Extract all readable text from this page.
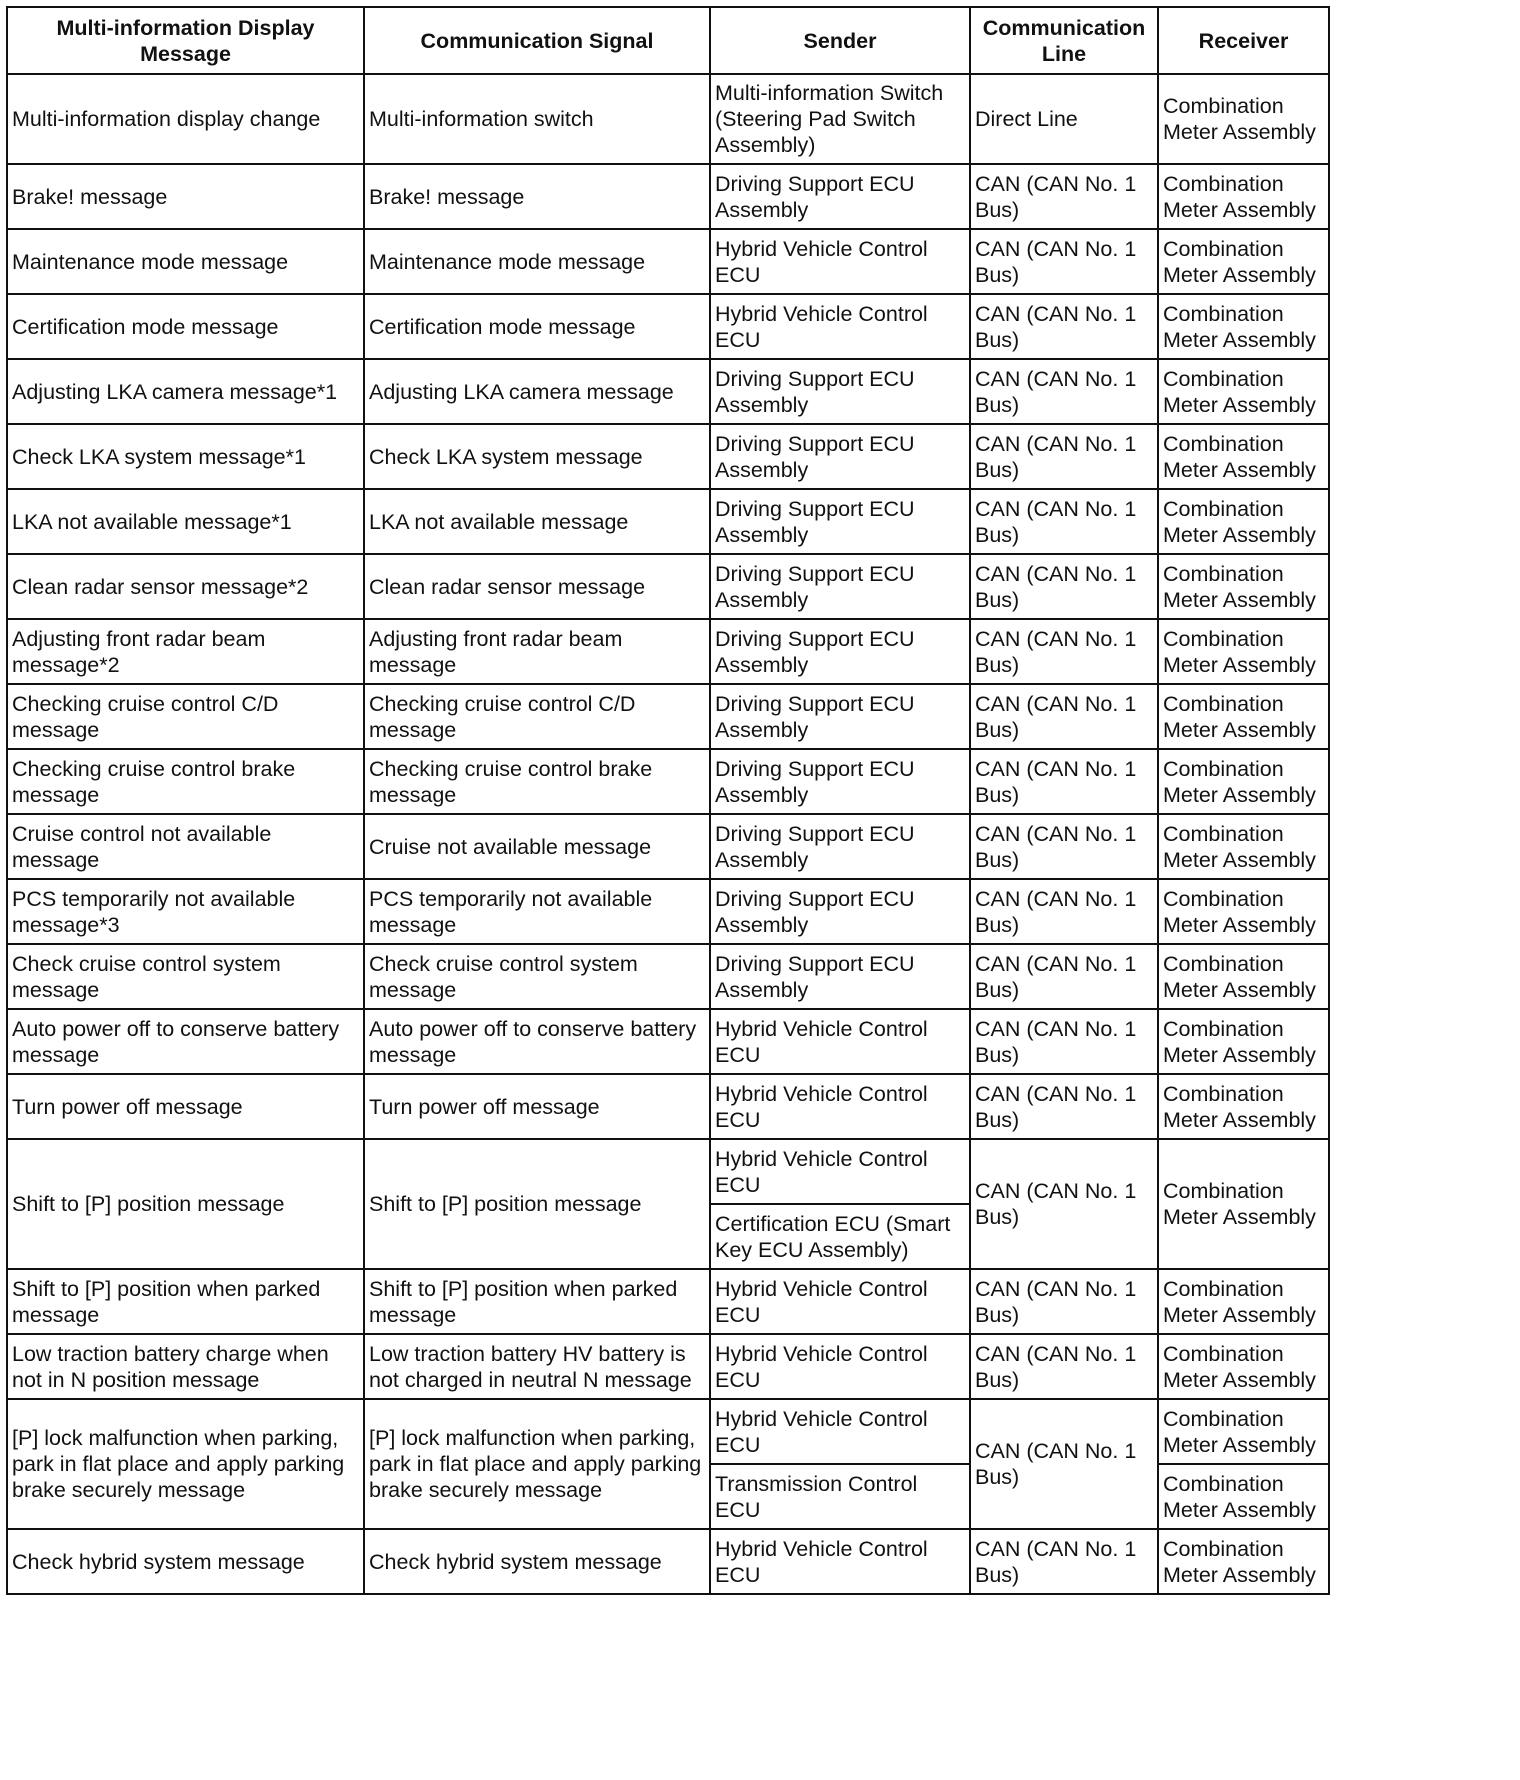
Multi-information Display Message	Communication Signal	Sender	Communication Line	Receiver
Multi-information display change	Multi-information switch	Multi-information Switch (Steering Pad Switch Assembly)	Direct Line	Combination Meter Assembly
Brake! message	Brake! message	Driving Support ECU Assembly	CAN (CAN No. 1 Bus)	Combination Meter Assembly
Maintenance mode message	Maintenance mode message	Hybrid Vehicle Control ECU	CAN (CAN No. 1 Bus)	Combination Meter Assembly
Certification mode message	Certification mode message	Hybrid Vehicle Control ECU	CAN (CAN No. 1 Bus)	Combination Meter Assembly
Adjusting LKA camera message*1	Adjusting LKA camera message	Driving Support ECU Assembly	CAN (CAN No. 1 Bus)	Combination Meter Assembly
Check LKA system message*1	Check LKA system message	Driving Support ECU Assembly	CAN (CAN No. 1 Bus)	Combination Meter Assembly
LKA not available message*1	LKA not available message	Driving Support ECU Assembly	CAN (CAN No. 1 Bus)	Combination Meter Assembly
Clean radar sensor message*2	Clean radar sensor message	Driving Support ECU Assembly	CAN (CAN No. 1 Bus)	Combination Meter Assembly
Adjusting front radar beam message*2	Adjusting front radar beam message	Driving Support ECU Assembly	CAN (CAN No. 1 Bus)	Combination Meter Assembly
Checking cruise control C/D message	Checking cruise control C/D message	Driving Support ECU Assembly	CAN (CAN No. 1 Bus)	Combination Meter Assembly
Checking cruise control brake message	Checking cruise control brake message	Driving Support ECU Assembly	CAN (CAN No. 1 Bus)	Combination Meter Assembly
Cruise control not available message	Cruise not available message	Driving Support ECU Assembly	CAN (CAN No. 1 Bus)	Combination Meter Assembly
PCS temporarily not available message*3	PCS temporarily not available message	Driving Support ECU Assembly	CAN (CAN No. 1 Bus)	Combination Meter Assembly
Check cruise control system message	Check cruise control system message	Driving Support ECU Assembly	CAN (CAN No. 1 Bus)	Combination Meter Assembly
Auto power off to conserve battery message	Auto power off to conserve battery message	Hybrid Vehicle Control ECU	CAN (CAN No. 1 Bus)	Combination Meter Assembly
Turn power off message	Turn power off message	Hybrid Vehicle Control ECU	CAN (CAN No. 1 Bus)	Combination Meter Assembly
Shift to [P] position message	Shift to [P] position message	Hybrid Vehicle Control ECU	CAN (CAN No. 1 Bus)	Combination Meter Assembly
		Certification ECU (Smart Key ECU Assembly)		
Shift to [P] position when parked message	Shift to [P] position when parked message	Hybrid Vehicle Control ECU	CAN (CAN No. 1 Bus)	Combination Meter Assembly
Low traction battery charge when not in N position message	Low traction battery HV battery is not charged in neutral N message	Hybrid Vehicle Control ECU	CAN (CAN No. 1 Bus)	Combination Meter Assembly
[P] lock malfunction when parking, park in flat place and apply parking brake securely message	[P] lock malfunction when parking, park in flat place and apply parking brake securely message	Hybrid Vehicle Control ECU	CAN (CAN No. 1 Bus)	Combination Meter Assembly
		Transmission Control ECU		Combination Meter Assembly
Check hybrid system message	Check hybrid system message	Hybrid Vehicle Control ECU	CAN (CAN No. 1 Bus)	Combination Meter Assembly
